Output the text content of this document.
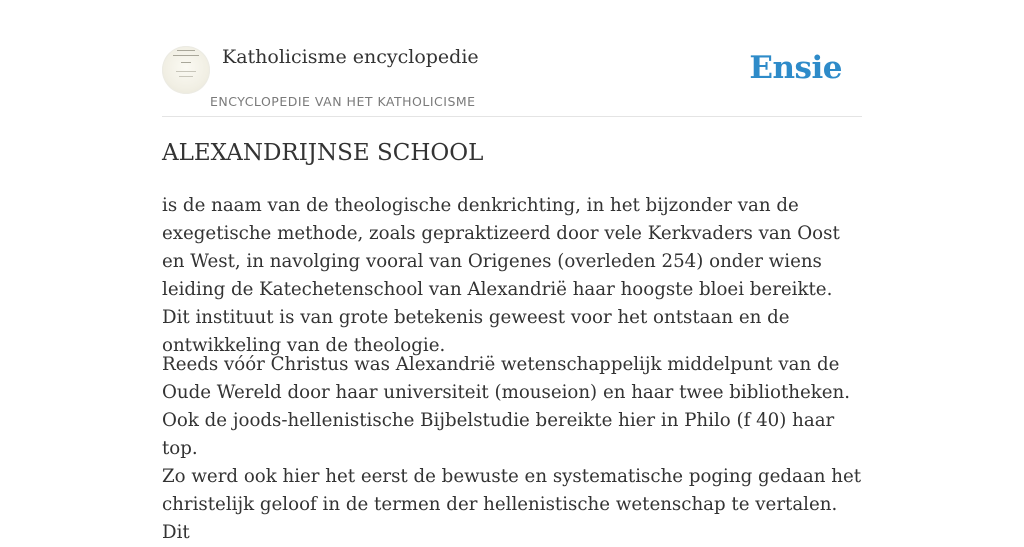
Katholicisme encyclopedie
ENCYCLOPEDIE VAN HET KATHOLICISME
Ensie
ALEXANDRIJNSE SCHOOL

is de naam van de theologische denkrichting, in het bijzonder van de exegetische methode, zoals gepraktizeerd door vele Kerkvaders van Oost en West, in navolging vooral van Origenes (overleden 254) onder wiens leiding de Katechetenschool van Alexandrië haar hoogste bloei bereikte. Dit instituut is van grote betekenis geweest voor het ontstaan en de ontwikkeling van de theologie.

Reeds vóór Christus was Alexandrië wetenschappelijk middelpunt van de Oude Wereld door haar universiteit (mouseion) en haar twee bibliotheken. Ook de joods-hellenistische Bijbelstudie bereikte hier in Philo (f 40) haar top.

Zo werd ook hier het eerst de bewuste en systematische poging gedaan het christelijk geloof in de termen der hellenistische wetenschap te vertalen. Dit
